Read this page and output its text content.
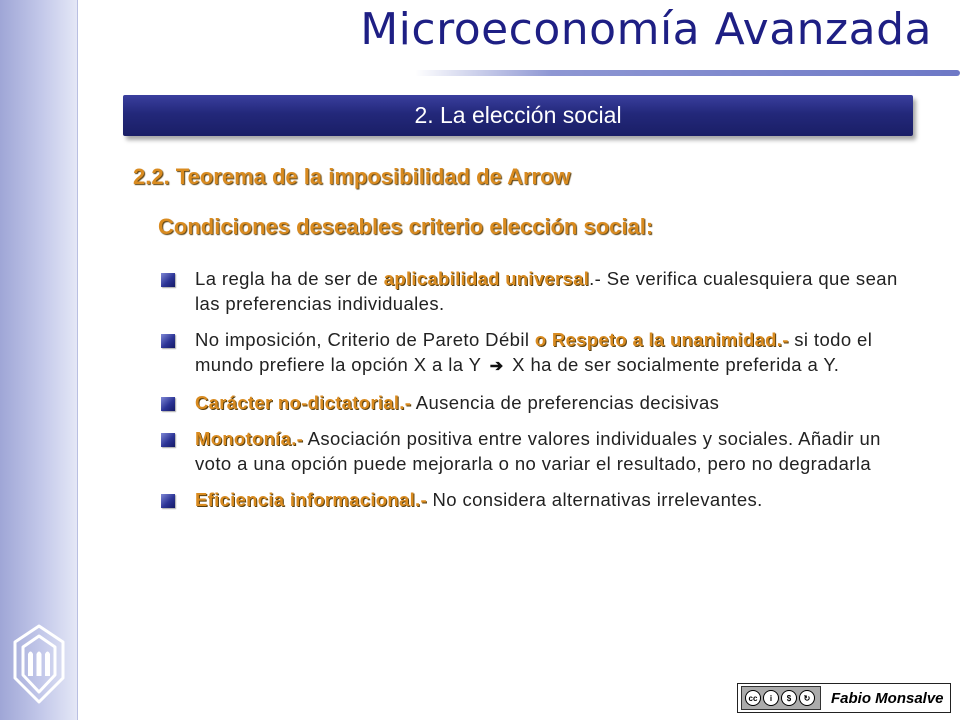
Microeconomía Avanzada
2. La elección social
2.2. Teorema de la imposibilidad de Arrow
Condiciones deseables criterio elección social:
La regla ha de ser de aplicabilidad universal.- Se verifica cualesquiera que sean las preferencias individuales.
No imposición, Criterio de Pareto Débil o Respeto a la unanimidad.- si todo el mundo prefiere la opción X a la Y ➔ X ha de ser socialmente preferida a Y.
Carácter no-dictatorial.- Ausencia de preferencias decisivas
Monotonía.- Asociación positiva entre valores individuales y sociales. Añadir un voto a una opción puede mejorarla o no variar el resultado, pero no degradarla
Eficiencia informacional.- No considera alternativas irrelevantes.
cc	i	$	↻	Fabio Monsalve
